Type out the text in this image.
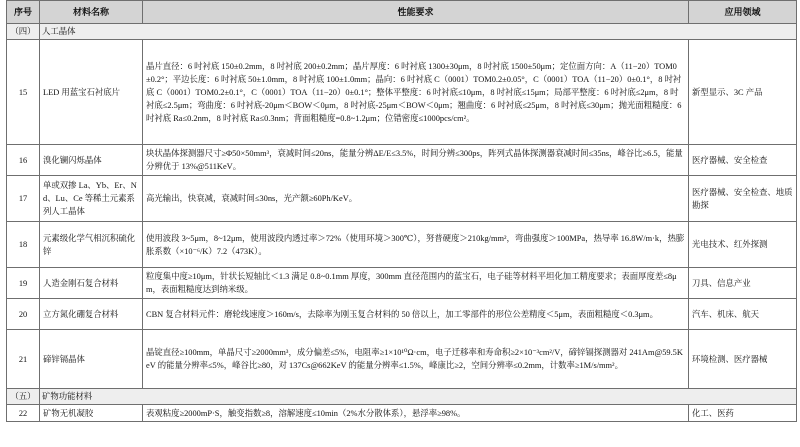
序号	材料名称	性能要求	应用领域
（四）	人工晶体		
15	LED 用蓝宝石衬底片	晶片直径：6 吋衬底 150±0.2mm，8 吋衬底 200±0.2mm；晶片厚度：6 吋衬底 1300±30μm，8 吋衬底 1500±50μm；定位面方向：A（11−20）TOM0±0.2°；平边长度：6 吋衬底 50±1.0mm，8 吋衬底 100±1.0mm；晶向：6 吋衬底 C（0001）TOM0.2±0.05°，C（0001）TOA（11−20）0±0.1°，8 吋衬底 C（0001）TOM0.2±0.1°，C（0001）TOA（11−20）0±0.1°；整体平整度：6 吋衬底≤10μm，8 吋衬底≤15μm；局部平整度：6 吋衬底≤2μm，8 吋衬底≤2.5μm；弯曲度：6 吋衬底-20μm＜BOW＜0μm，8 吋衬底-25μm＜BOW＜0μm；翘曲度：6 吋衬底≤25μm，8 吋衬底≤30μm；抛光面粗糙度：6 吋衬底 Ra≤0.2nm，8 吋衬底 Ra≤0.3nm；背面粗糙度=0.8~1.2μm；位错密度≤1000pcs/cm²。	新型显示、3C 产品
16	溴化镧闪烁晶体	块状晶体探测器尺寸≥Φ50×50mm³，衰减时间≤20ns，能量分辨ΔE/E≤3.5%，时间分辨≤300ps，阵列式晶体探测器衰减时间≤35ns，峰谷比≥6.5，能量分辨优于 13%@511KeV。	医疗器械、安全检查
17	单或双掺 La、Yb、Er、Nd、Lu、Ce 等稀土元素系列人工晶体	高光输出，快衰减，衰减时间≤30ns，光产额≥60Ph/KeV。	医疗器械、安全检查、地质勘探
18	元素级化学气相沉积硫化锌	使用波段 3~5μm，8~12μm，使用波段内透过率＞72%（使用环境＞300℃），努普硬度＞210kg/mm²，弯曲强度＞100MPa，热导率 16.8W/m·k，热膨胀系数（×10⁻⁶/K）7.2（473K）。	光电技术、红外探测
19	人造金刚石复合材料	粒度集中度≥10μm，针状长短轴比＜1.3 满足 0.8~0.1mm 厚度，300mm 直径范围内的蓝宝石，电子硅等材料平坦化加工精度要求；表面厚度差≤8μm，表面粗糙度达到纳米级。	刀具、信息产业
20	立方氮化硼复合材料	CBN 复合材料元件：磨轮线速度＞160m/s，去除率为刚玉复合材料的 50 倍以上，加工零部件的形位公差精度＜5μm，表面粗糙度＜0.3μm。	汽车、机床、航天
21	碲锌镉晶体	晶锭直径≥100mm，单晶尺寸≥2000mm³，成分偏差≤5%，电阻率≥1×10¹⁰Ω·cm，电子迁移率和寿命积≥2×10⁻³cm²/V，碲锌镉探测器对 241Am@59.5KeV 的能量分辨率≤5%，峰谷比≥80，对 137Cs@662KeV 的能量分辨率≤1.5%，峰康比≥2，空间分辨率≤0.2mm，计数率≥1M/s/mm²。	环境检测、医疗器械
（五）	矿物功能材料		
22	矿物无机凝胶	表观粘度≥2000mP·S，触变指数≥8，溶解速度≤10min（2%水分散体系），悬浮率≥98%。	化工、医药
